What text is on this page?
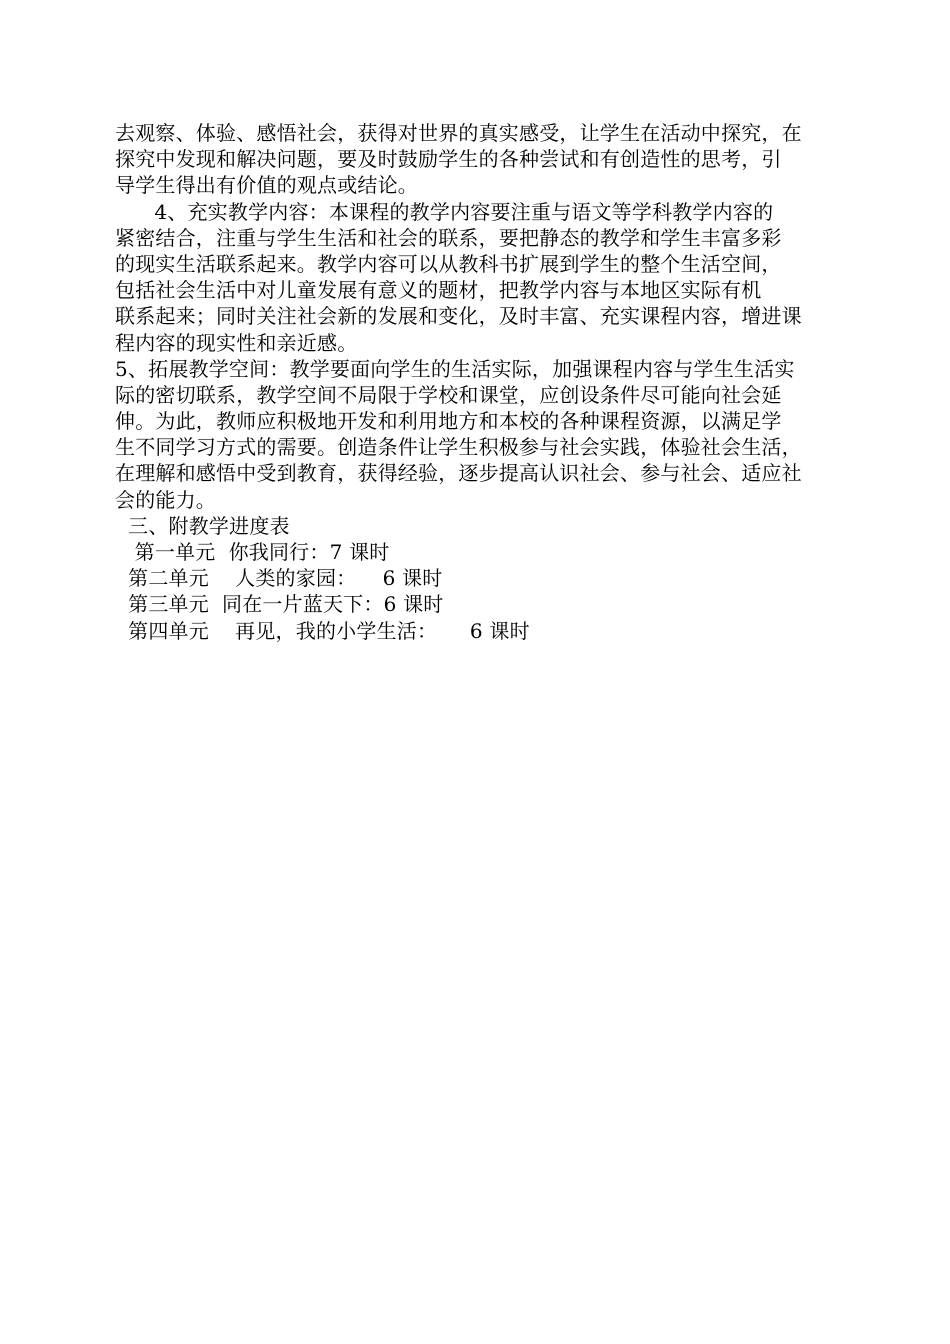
去观察、体验、感悟社会，获得对世界的真实感受，让学生在活动中探究，在
探究中发现和解决问题，要及时鼓励学生的各种尝试和有创造性的思考，引
导学生得出有价值的观点或结论。
4、充实教学内容：本课程的教学内容要注重与语文等学科教学内容的
紧密结合，注重与学生生活和社会的联系，要把静态的教学和学生丰富多彩
的现实生活联系起来。教学内容可以从教科书扩展到学生的整个生活空间，
包括社会生活中对儿童发展有意义的题材，把教学内容与本地区实际有机
联系起来；同时关注社会新的发展和变化，及时丰富、充实课程内容，增进课
程内容的现实性和亲近感。
5、拓展教学空间：教学要面向学生的生活实际，加强课程内容与学生生活实
际的密切联系，教学空间不局限于学校和课堂，应创设条件尽可能向社会延
伸。为此，教师应积极地开发和利用地方和本校的各种课程资源，以满足学
生不同学习方式的需要。创造条件让学生积极参与社会实践，体验社会生活，
在理解和感悟中受到教育，获得经验，逐步提高认识社会、参与社会、适应社
会的能力。
三、附教学进度表
第一单元  你我同行：7 课时
第二单元    人类的家园：    6 课时
第三单元  同在一片蓝天下：6 课时
第四单元    再见，我的小学生活：     6 课时
